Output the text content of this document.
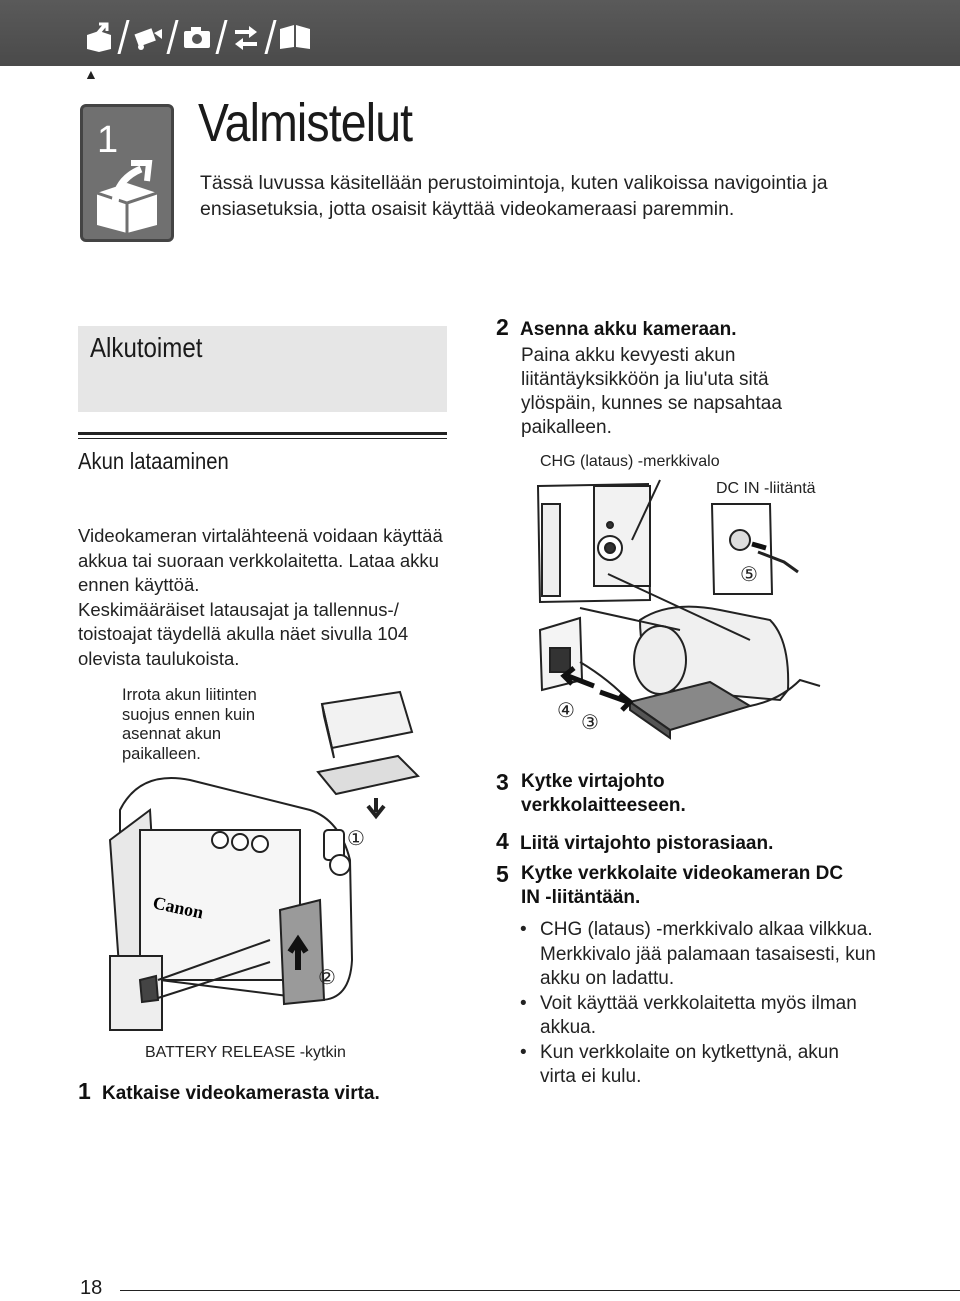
▲
1 Valmistelut
Tässä luvussa käsitellään perustoimintoja, kuten valikoissa navigointia ja ensiasetuksia, jotta osaisit käyttää videokameraasi paremmin.
Alkutoimet
Akun lataaminen
Videokameran virtalähteenä voidaan käyttää akkua tai suoraan verkkolaitetta. Lataa akku ennen käyttöä.
Keskimääräiset latausajat ja tallennus-/ toistoajat täydellä akulla näet sivulla 104 olevista taulukoista.
Irrota akun liitinten suojus ennen kuin asennat akun paikalleen.
Canon
①
②
BATTERY RELEASE -kytkin
1 Katkaise videokamerasta virta.
2 Asenna akku kameraan.
Paina akku kevyesti akun liitäntäyksikköön ja liu'uta sitä ylöspäin, kunnes se napsahtaa paikalleen.
CHG (lataus) -merkkivalo
DC IN -liitäntä
⑤
④
③
3 Kytke virtajohto verkkolaitteeseen.
4 Liitä virtajohto pistorasiaan.
5 Kytke verkkolaite videokameran DC IN -liitäntään.
• CHG (lataus) -merkkivalo alkaa vilkkua. Merkkivalo jää palamaan tasaisesti, kun akku on ladattu.
• Voit käyttää verkkolaitetta myös ilman akkua.
• Kun verkkolaite on kytkettynä, akun virta ei kulu.
18
